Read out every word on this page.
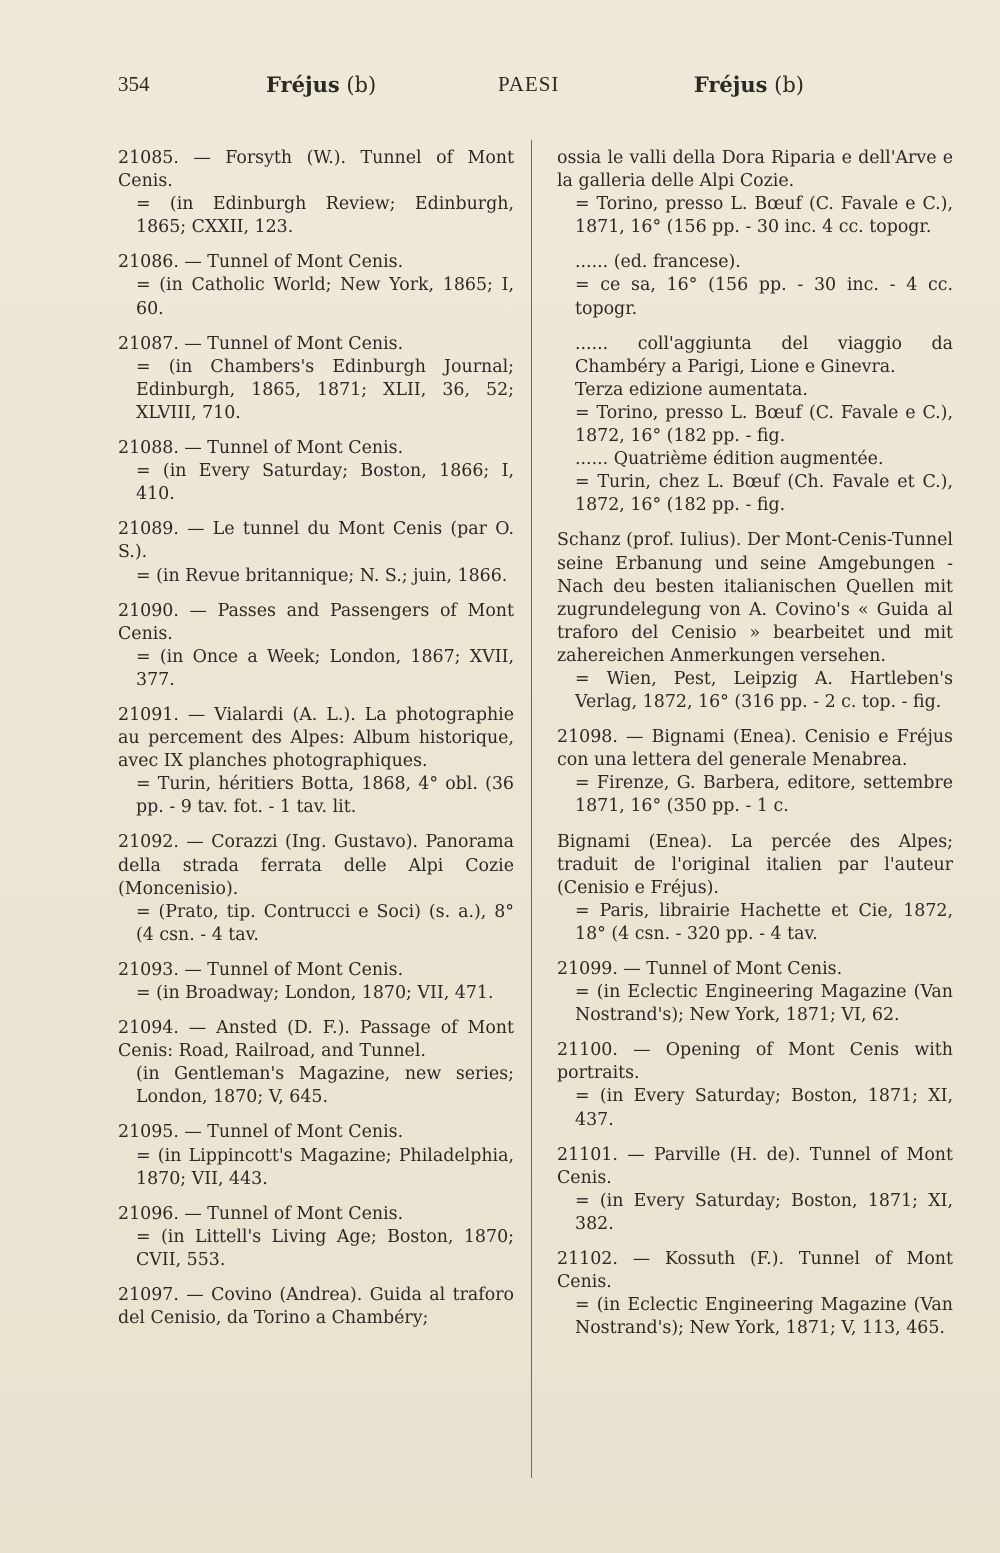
354	Fréjus (b)	PAESI	Fréjus (b)
21085. — Forsyth (W.). Tunnel of Mont Cenis.
= (in Edinburgh Review; Edinburgh, 1865; CXXII, 123.
21086. — Tunnel of Mont Cenis.
= (in Catholic World; New York, 1865; I, 60.
21087. — Tunnel of Mont Cenis.
= (in Chambers's Edinburgh Journal; Edinburgh, 1865, 1871; XLII, 36, 52; XLVIII, 710.
21088. — Tunnel of Mont Cenis.
= (in Every Saturday; Boston, 1866; I, 410.
21089. — Le tunnel du Mont Cenis (par O. S.).
= (in Revue britannique; N. S.; juin, 1866.
21090. — Passes and Passengers of Mont Cenis.
= (in Once a Week; London, 1867; XVII, 377.
21091. — Vialardi (A. L.). La photographie au percement des Alpes: Album historique, avec IX planches photographiques.
= Turin, héritiers Botta, 1868, 4° obl. (36 pp. - 9 tav. fot. - 1 tav. lit.
21092. — Corazzi (Ing. Gustavo). Panorama della strada ferrata delle Alpi Cozie (Moncenisio).
= (Prato, tip. Contrucci e Soci) (s. a.), 8° (4 csn. - 4 tav.
21093. — Tunnel of Mont Cenis.
= (in Broadway; London, 1870; VII, 471.
21094. — Ansted (D. F.). Passage of Mont Cenis: Road, Railroad, and Tunnel.
(in Gentleman's Magazine, new series; London, 1870; V, 645.
21095. — Tunnel of Mont Cenis.
= (in Lippincott's Magazine; Philadelphia, 1870; VII, 443.
21096. — Tunnel of Mont Cenis.
= (in Littell's Living Age; Boston, 1870; CVII, 553.
21097. — Covino (Andrea). Guida al traforo del Cenisio, da Torino a Chambéry;
ossia le valli della Dora Riparia e dell'Arve e la galleria delle Alpi Cozie.
= Torino, presso L. Bœuf (C. Favale e C.), 1871, 16° (156 pp. - 30 inc. 4 cc. topogr.
...... (ed. francese).
= ce sa, 16° (156 pp. - 30 inc. - 4 cc. topogr.
...... coll'aggiunta del viaggio da Chambéry a Parigi, Lione e Ginevra.
Terza edizione aumentata.
= Torino, presso L. Bœuf (C. Favale e C.), 1872, 16° (182 pp. - fig.
...... Quatrième édition augmentée.
= Turin, chez L. Bœuf (Ch. Favale et C.), 1872, 16° (182 pp. - fig.
Schanz (prof. Iulius). Der Mont-Cenis-Tunnel seine Erbanung und seine Amgebungen - Nach deu besten italianischen Quellen mit zugrundelegung von A. Covino's « Guida al traforo del Cenisio » bearbeitet und mit zahereichen Anmerkungen versehen.
= Wien, Pest, Leipzig A. Hartleben's Verlag, 1872, 16° (316 pp. - 2 c. top. - fig.
21098. — Bignami (Enea). Cenisio e Fréjus con una lettera del generale Menabrea.
= Firenze, G. Barbera, editore, settembre 1871, 16° (350 pp. - 1 c.
Bignami (Enea). La percée des Alpes; traduit de l'original italien par l'auteur (Cenisio e Fréjus).
= Paris, librairie Hachette et Cie, 1872, 18° (4 csn. - 320 pp. - 4 tav.
21099. — Tunnel of Mont Cenis.
= (in Eclectic Engineering Magazine (Van Nostrand's); New York, 1871; VI, 62.
21100. — Opening of Mont Cenis with portraits.
= (in Every Saturday; Boston, 1871; XI, 437.
21101. — Parville (H. de). Tunnel of Mont Cenis.
= (in Every Saturday; Boston, 1871; XI, 382.
21102. — Kossuth (F.). Tunnel of Mont Cenis.
= (in Eclectic Engineering Magazine (Van Nostrand's); New York, 1871; V, 113, 465.
